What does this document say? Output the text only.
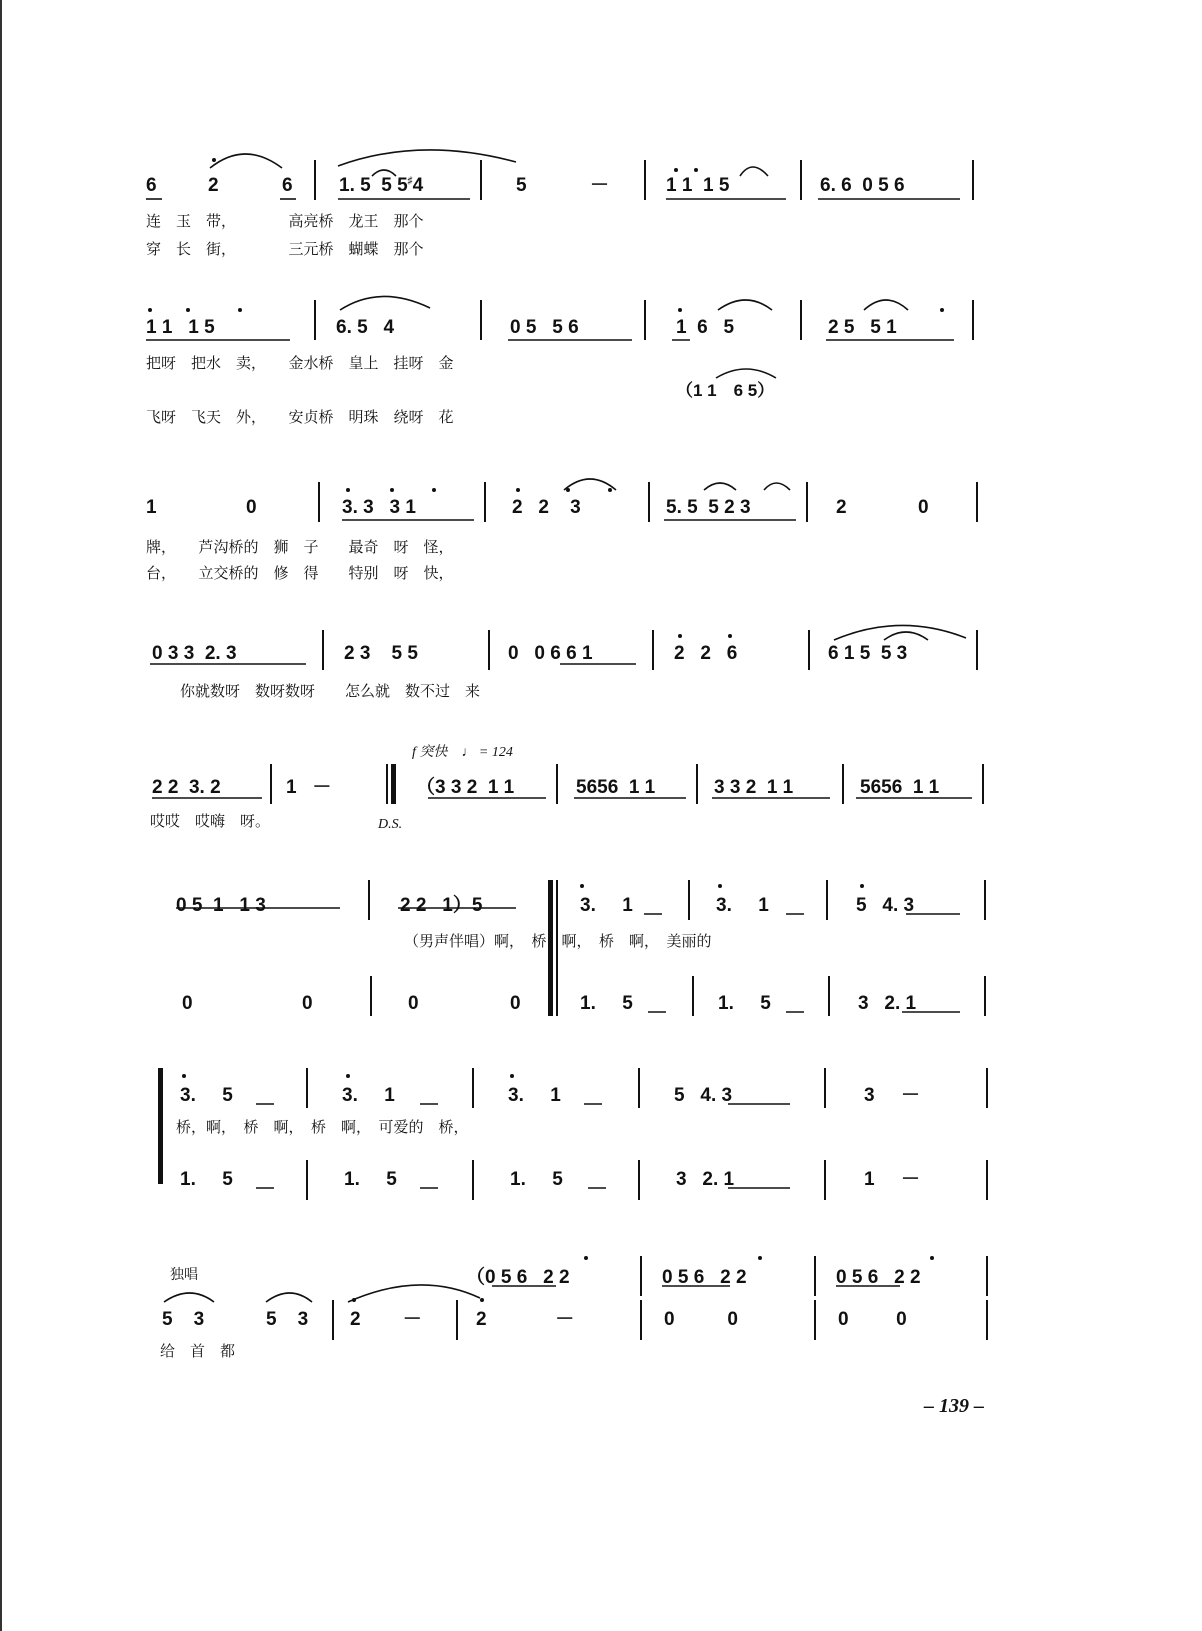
6	2	6 1. 5  5 5♯4	5	－	1 1  1 5	6. 6  0 5 6
连　玉　带，　　　　高亮桥　龙王　那个
穿　长　街，　　　　三元桥　蝴蝶　那个
1 1   1 5	6. 5   4	0 5   5 6	1  6   5	2 5   5 1
把呀　把水　卖，　　金水桥　皇上　挂呀　金
（1 1　6 5）
飞呀　飞天　外，　　安贞桥　明珠　绕呀　花
1	0	3. 3   3 1	2   2    3	5. 5  5 2 3	2	0
牌，　　芦沟桥的　狮　子　　最奇　呀　怪，
台，　　立交桥的　修　得　　特别　呀　快，
0 3 3  2. 3	2 3    5 5	0   0 6 6 1	2   2   6	6 1 5  5 3
你就数呀　数呀数呀　　怎么就　数不过　来
f 突快　♩ = 124
2 2  3. 2	1   －	（3 3 2  1 1	5656  1 1	3 3 2  1 1	5656  1 1
哎哎　哎嗨　呀。	D.S.
0 5  1   1 3	2 2   1）5	3.     1	3.     1	5   4. 3
（男声伴唱）啊，　桥　啊，　桥　啊，　美丽的
0	0	0	0	1.     5	1.     5	3   2. 1
3.     5	3.     1	3.     1	5   4. 3	3     －
桥，啊，　桥　啊，　桥　啊，　可爱的　桥，
1.     5	1.     5	1.     5	3   2. 1	1     －
独唱	（0 5 6   2 2	0 5 6   2 2	0 5 6   2 2
5    3	5    3 2        －	2             －	0          0	0         0
给　首　都
– 139 –
